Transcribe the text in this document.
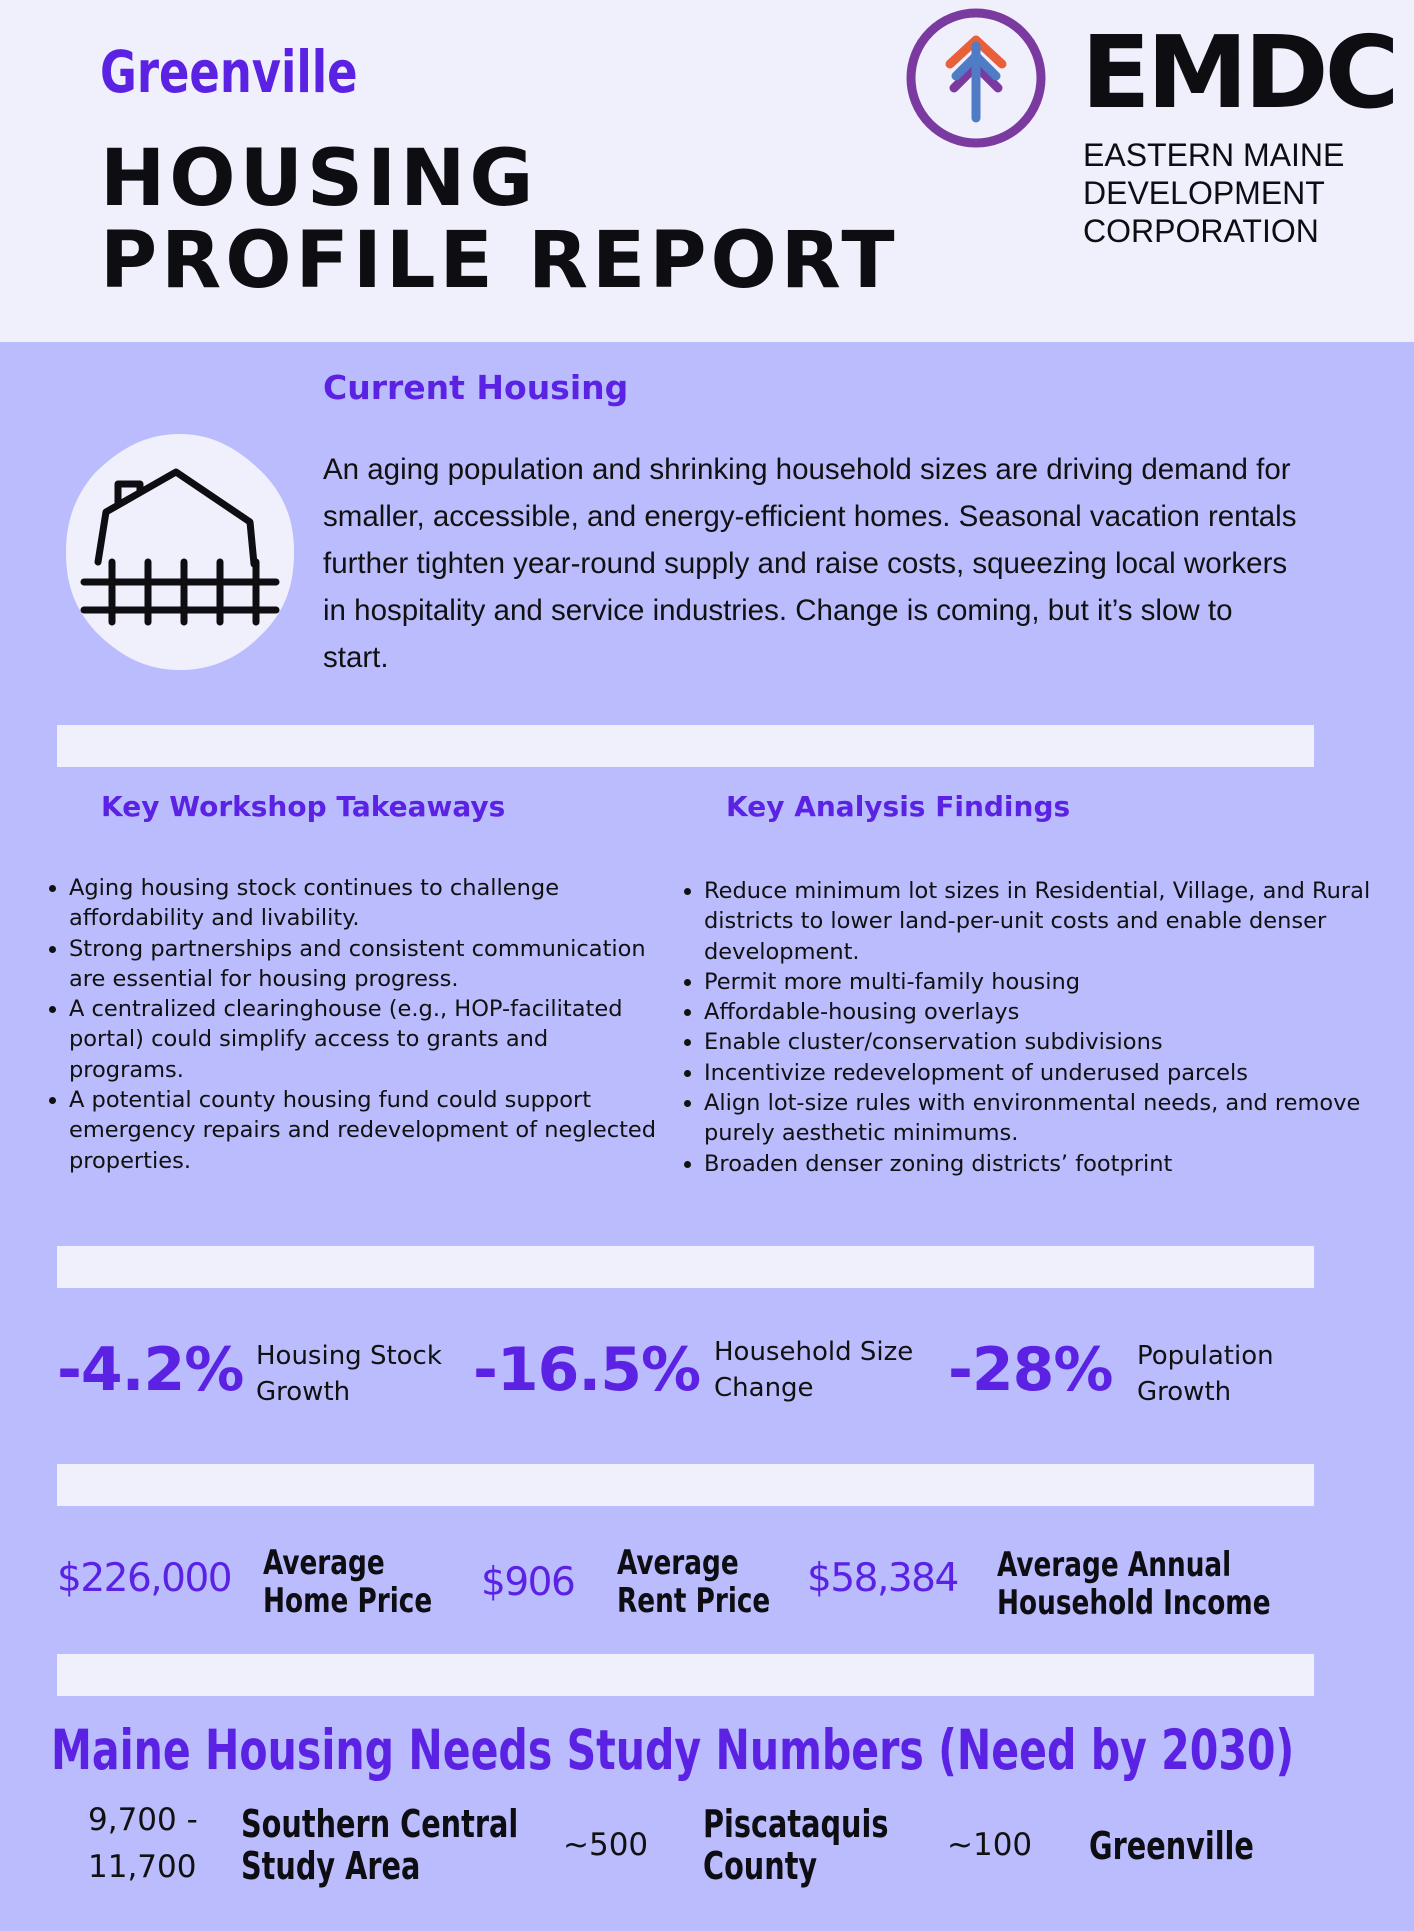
Greenville
HOUSING
PROFILE REPORT
EMDC
EASTERN MAINE
DEVELOPMENT
CORPORATION
Current Housing
An aging population and shrinking household sizes are driving demand for smaller, accessible, and energy-efficient homes. Seasonal vacation rentals further tighten year-round supply and raise costs, squeezing local workers in hospitality and service industries. Change is coming, but it’s slow to start.
Key Workshop Takeaways	Key Analysis Findings
• Aging housing stock continues to challenge affordability and livability.
• Strong partnerships and consistent communication are essential for housing progress.
• A centralized clearinghouse (e.g., HOP-facilitated portal) could simplify access to grants and programs.
• A potential county housing fund could support emergency repairs and redevelopment of neglected properties.
• Reduce minimum lot sizes in Residential, Village, and Rural districts to lower land-per-unit costs and enable denser development.
• Permit more multi-family housing
• Affordable-housing overlays
• Enable cluster/conservation subdivisions
• Incentivize redevelopment of underused parcels
• Align lot-size rules with environmental needs, and remove purely aesthetic minimums.
• Broaden denser zoning districts’ footprint
-4.2% Housing Stock
Growth	-16.5% Household Size
Change	-28% Population
Growth
$226,000 Average
Home Price $906 Average
Rent Price $58,384 Average Annual
Household Income
Maine Housing Needs Study Numbers (Need by 2030)
9,700 -
11,700
Southern Central
Study Area	~500 Piscataquis
County	~100 Greenville
